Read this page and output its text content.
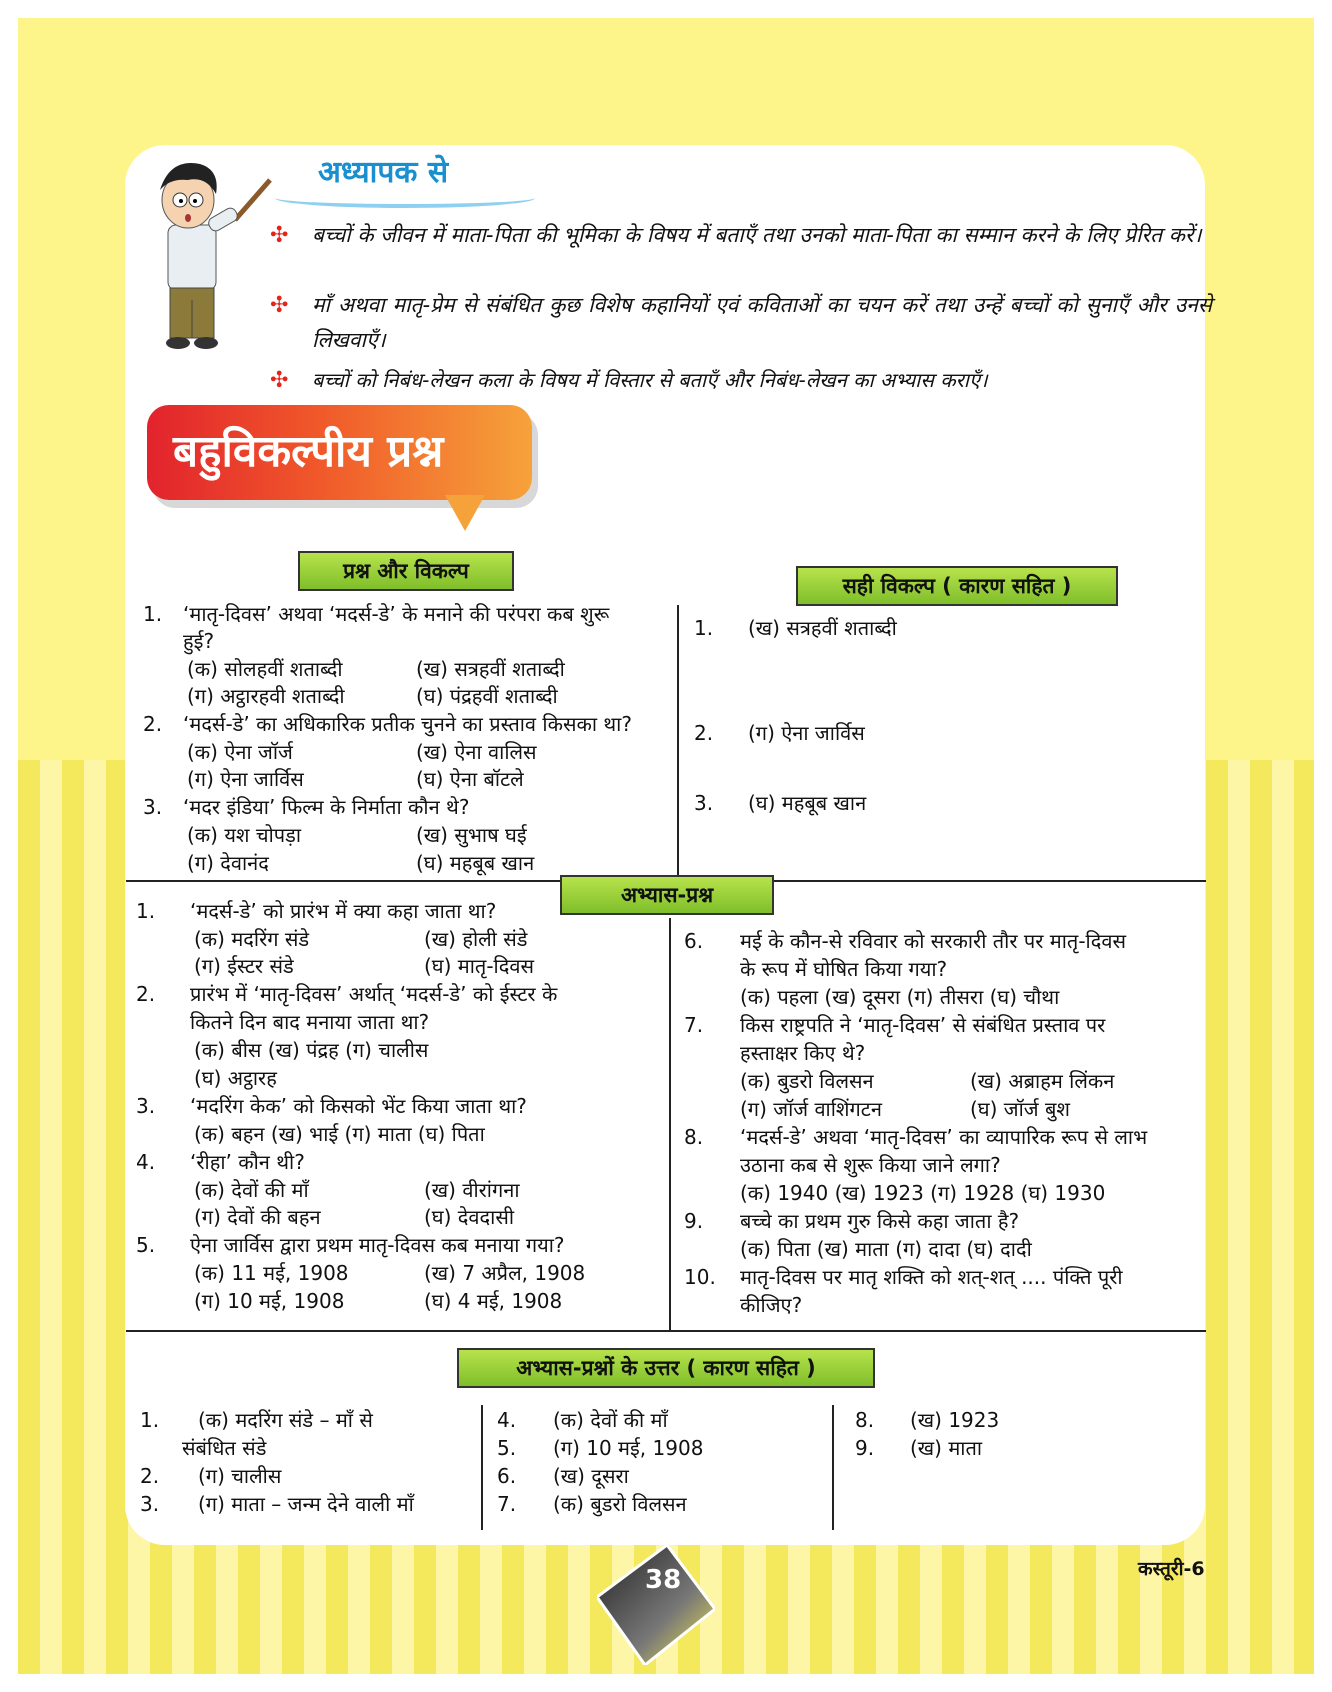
अध्यापक से
✣ बच्चों के जीवन में माता-पिता की भूमिका के विषय में बताएँ तथा उनको माता-पिता का सम्मान करने के लिए प्रेरित करें।
✣ माँ अथवा मातृ-प्रेम से संबंधित कुछ विशेष कहानियों एवं कविताओं का चयन करें तथा उन्हें बच्चों को सुनाएँ और उनसे लिखवाएँ।
✣ बच्चों को निबंध-लेखन कला के विषय में विस्तार से बताएँ और निबंध-लेखन का अभ्यास कराएँ।
बहुविकल्पीय प्रश्न
प्रश्न और विकल्प
सही विकल्प ( कारण सहित )
1. ‘मातृ-दिवस’ अथवा ‘मदर्स-डे’ के मनाने की परंपरा कब शुरू
हुई?
(क) सोलहवीं शताब्दी	(ख) सत्रहवीं शताब्दी
(ग) अट्ठारहवी शताब्दी	(घ) पंद्रहवीं शताब्दी
2. ‘मदर्स-डे’ का अधिकारिक प्रतीक चुनने का प्रस्ताव किसका था?
(क) ऐना जॉर्ज	(ख) ऐना वालिस
(ग) ऐना जार्विस	(घ) ऐना बॉटले
3. ‘मदर इंडिया’ फिल्म के निर्माता कौन थे?
(क) यश चोपड़ा	(ख) सुभाष घई
(ग) देवानंद	(घ) महबूब खान
1. (ख) सत्रहवीं शताब्दी
2. (ग) ऐना जार्विस
3. (घ) महबूब खान
अभ्यास-प्रश्न
1. ‘मदर्स-डे’ को प्रारंभ में क्या कहा जाता था?
(क) मदरिंग संडे	(ख) होली संडे
(ग) ईस्टर संडे	(घ) मातृ-दिवस
2. प्रारंभ में ‘मातृ-दिवस’ अर्थात् ‘मदर्स-डे’ को ईस्टर के
कितने दिन बाद मनाया जाता था?
(क) बीस (ख) पंद्रह (ग) चालीस
(घ) अट्ठारह
3. ‘मदरिंग केक’ को किसको भेंट किया जाता था?
(क) बहन (ख) भाई (ग) माता (घ) पिता
4. ‘रीहा’ कौन थी?
(क) देवों की माँ	(ख) वीरांगना
(ग) देवों की बहन	(घ) देवदासी
5. ऐना जार्विस द्वारा प्रथम मातृ-दिवस कब मनाया गया?
(क) 11 मई, 1908	(ख) 7 अप्रैल, 1908
(ग) 10 मई, 1908	(घ) 4 मई, 1908
6. मई के कौन-से रविवार को सरकारी तौर पर मातृ-दिवस
के रूप में घोषित किया गया?
(क) पहला (ख) दूसरा (ग) तीसरा (घ) चौथा
7. किस राष्ट्रपति ने ‘मातृ-दिवस’ से संबंधित प्रस्ताव पर
हस्ताक्षर किए थे?
(क) बुडरो विलसन	(ख) अब्राहम लिंकन
(ग) जॉर्ज वाशिंगटन	(घ) जॉर्ज बुश
8. ‘मदर्स-डे’ अथवा ‘मातृ-दिवस’ का व्यापारिक रूप से लाभ
उठाना कब से शुरू किया जाने लगा?
(क) 1940 (ख) 1923 (ग) 1928 (घ) 1930
9. बच्चे का प्रथम गुरु किसे कहा जाता है?
(क) पिता (ख) माता (ग) दादा (घ) दादी
10. मातृ-दिवस पर मातृ शक्ति को शत्-शत् .... पंक्ति पूरी
कीजिए?
अभ्यास-प्रश्नों के उत्तर ( कारण सहित )
1. (क) मदरिंग संडे – माँ से
संबंधित संडे
2. (ग) चालीस
3. (ग) माता – जन्म देने वाली माँ
4. (क) देवों की माँ
5. (ग) 10 मई, 1908
6. (ख) दूसरा
7. (क) बुडरो विलसन
8. (ख) 1923
9. (ख) माता
38	कस्तूरी-6
